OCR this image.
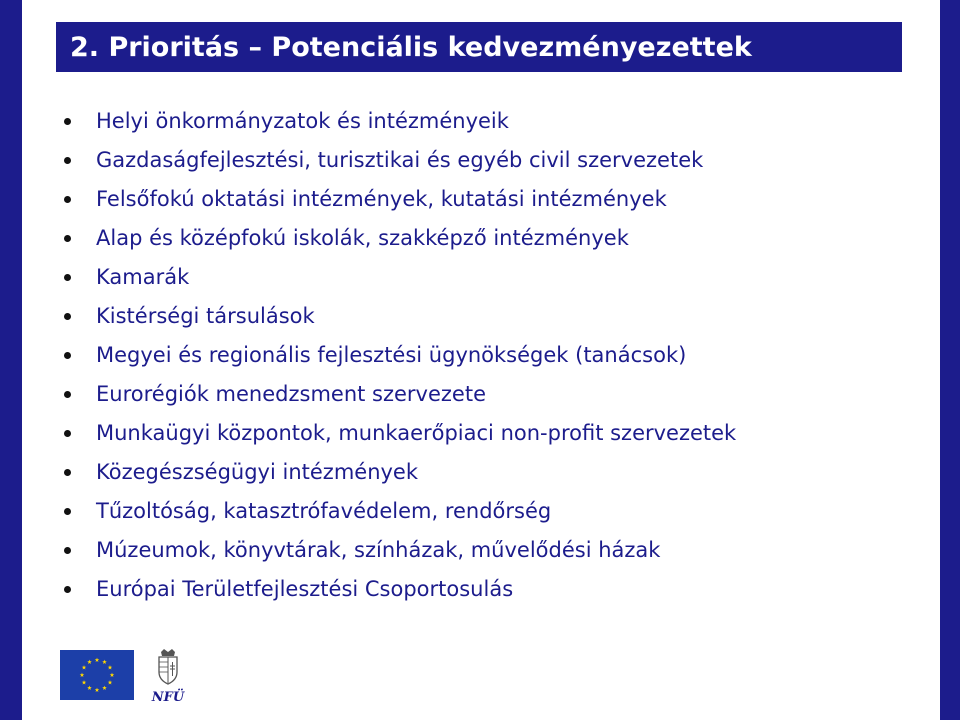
2. Prioritás – Potenciális kedvezményezettek
Helyi önkormányzatok és intézményeik
Gazdaságfejlesztési, turisztikai és egyéb civil szervezetek
Felsőfokú oktatási intézmények, kutatási intézmények
Alap és középfokú iskolák, szakképző intézmények
Kamarák
Kistérségi társulások
Megyei és regionális fejlesztési ügynökségek (tanácsok)
Eurorégiók menedzsment szervezete
Munkaügyi központok, munkaerőpiaci non-profit szervezetek
Közegészségügyi intézmények
Tűzoltóság, katasztrófavédelem, rendőrség
Múzeumok, könyvtárak, színházak, művelődési házak
Európai Területfejlesztési Csoportosulás
NFÜ
